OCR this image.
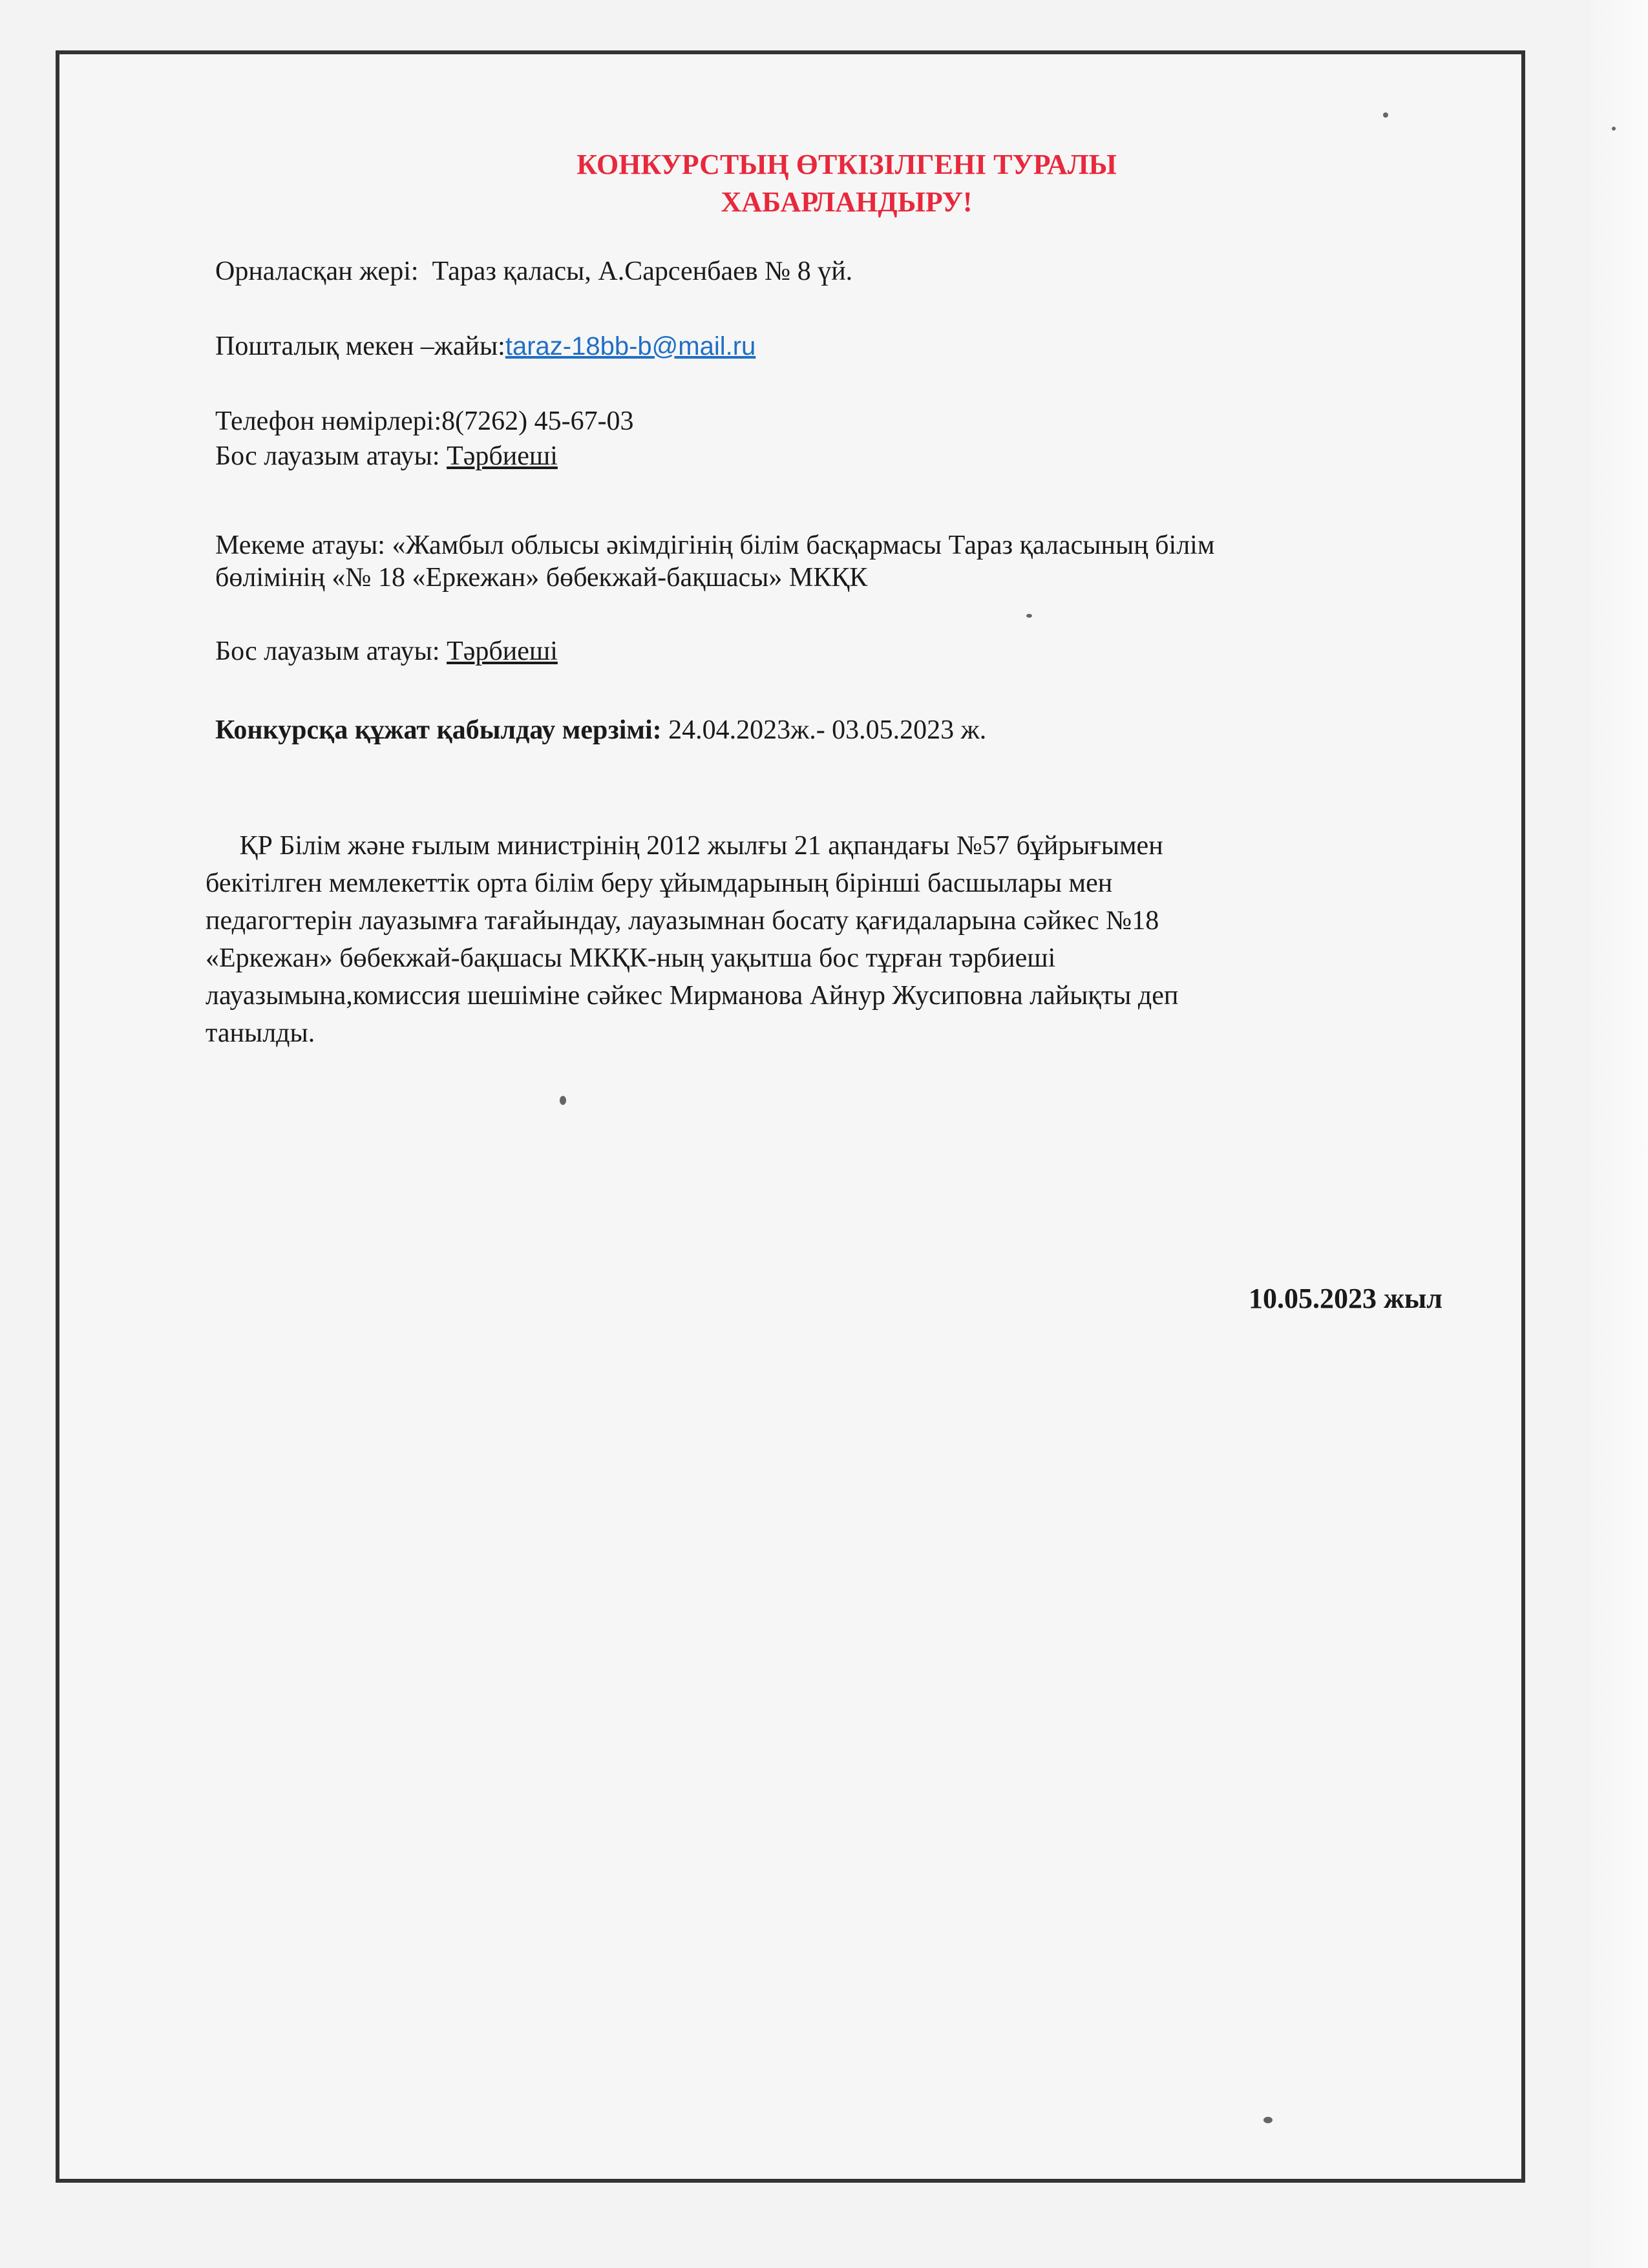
КОНКУРСТЫҢ ӨТКІЗІЛГЕНІ ТУРАЛЫ
ХАБАРЛАНДЫРУ!
Орналасқан жері: Тараз қаласы, А.Сарсенбаев № 8 үй.
Пошталық мекен –жайы:taraz-18bb-b@mail.ru
Телефон нөмірлері:8(7262) 45-67-03
Бос лауазым атауы: Тәрбиеші
Мекеме атауы: «Жамбыл облысы әкімдігінің білім басқармасы Тараз қаласының білім
бөлімінің «№ 18 «Еркежан» бөбекжай-бақшасы» МКҚК
Бос лауазым атауы: Тәрбиеші
Конкурсқа құжат қабылдау мерзімі: 24.04.2023ж.- 03.05.2023 ж.

ҚР Білім және ғылым министрінің 2012 жылғы 21 ақпандағы №57 бұйрығымен

бекітілген мемлекеттік орта білім беру ұйымдарының бірінші басшылары мен

педагогтерін лауазымға тағайындау, лауазымнан босату қағидаларына сәйкес №18

«Еркежан» бөбекжай-бақшасы МКҚК-ның уақытша бос тұрған тәрбиеші

лауазымына,комиссия шешіміне сәйкес Мирманова Айнур Жусиповна лайықты деп

танылды.

10.05.2023 жыл
